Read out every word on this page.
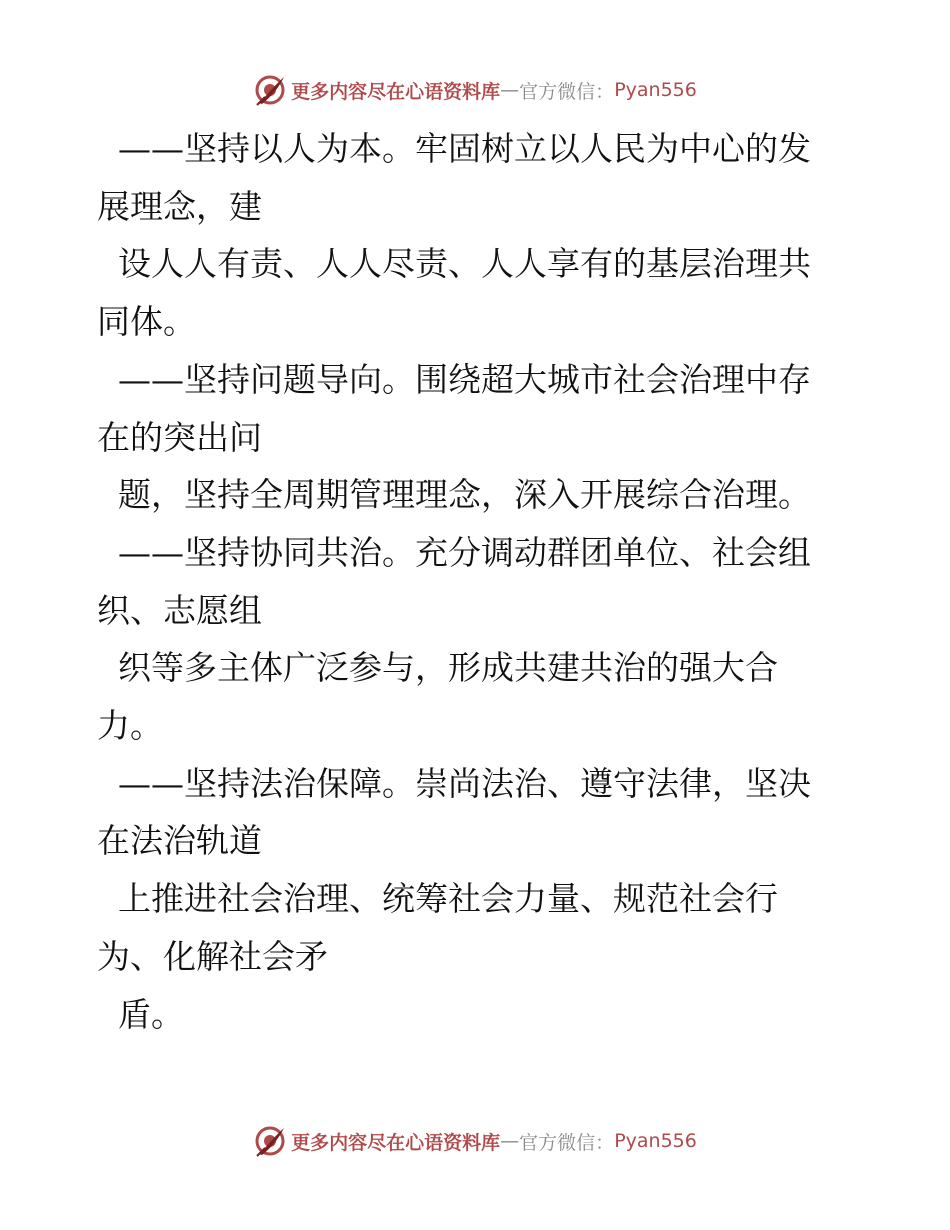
更多内容尽在心语资料库 — 官方微信： Pyan556

——坚持以人为本。牢固树立以人民为中心的发

展理念，建

设人人有责、人人尽责、人人享有的基层治理共

同体。

——坚持问题导向。围绕超大城市社会治理中存

在的突出问

题，坚持全周期管理理念，深入开展综合治理。

——坚持协同共治。充分调动群团单位、社会组

织、志愿组

织等多主体广泛参与，形成共建共治的强大合

力。

——坚持法治保障。崇尚法治、遵守法律，坚决

在法治轨道

上推进社会治理、统筹社会力量、规范社会行

为、化解社会矛

盾。

更多内容尽在心语资料库 — 官方微信： Pyan556
